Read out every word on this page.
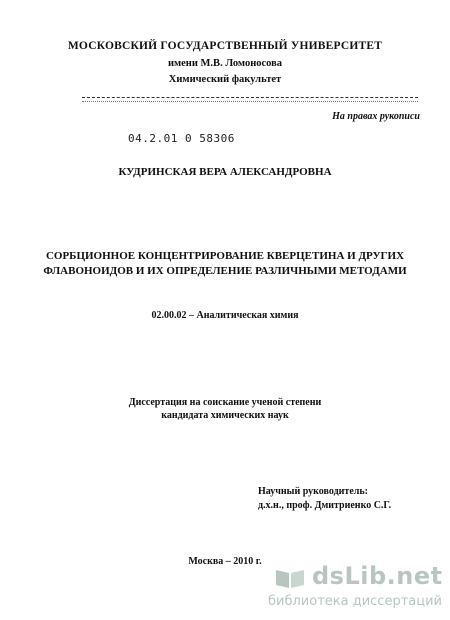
МОСКОВСКИЙ ГОСУДАРСТВЕННЫЙ УНИВЕРСИТЕТ
имени М.В. Ломоносова
Химический факультет
На правах рукописи
04.2.01 0 58306
КУДРИНСКАЯ ВЕРА АЛЕКСАНДРОВНА
СОРБЦИОННОЕ КОНЦЕНТРИРОВАНИЕ КВЕРЦЕТИНА И ДРУГИХ
ФЛАВОНОИДОВ И ИХ ОПРЕДЕЛЕНИЕ РАЗЛИЧНЫМИ МЕТОДАМИ
02.00.02 – Аналитическая химия
Диссертация на соискание ученой степени
кандидата химических наук
Научный руководитель:
д.х.н., проф. Дмитриенко С.Г.
Москва – 2010 г.
dsLib.net
библиотека диссертаций
